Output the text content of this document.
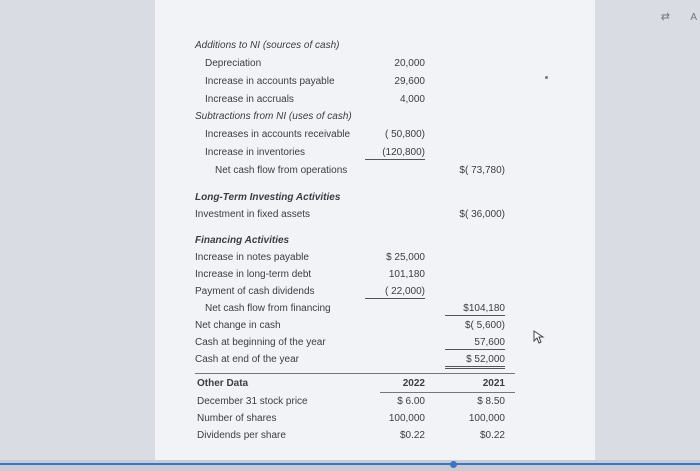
⇄ A
Additions to NI (sources of cash)
Depreciation	20,000
Increase in accounts payable	29,600
Increase in accruals	4,000
Subtractions from NI (uses of cash)
Increases in accounts receivable	( 50,800)
Increase in inventories	(120,800)
Net cash flow from operations	$( 73,780)
Long-Term Investing Activities
Investment in fixed assets	$( 36,000)
Financing Activities
Increase in notes payable	$ 25,000
Increase in long-term debt	101,180
Payment of cash dividends	( 22,000)
Net cash flow from financing	$104,180
Net change in cash	$( 5,600)
Cash at beginning of the year	57,600
Cash at end of the year	$ 52,000
Other Data	2022	2021
December 31 stock price	$ 6.00	$ 8.50
Number of shares	100,000	100,000
Dividends per share	$0.22	$0.22
